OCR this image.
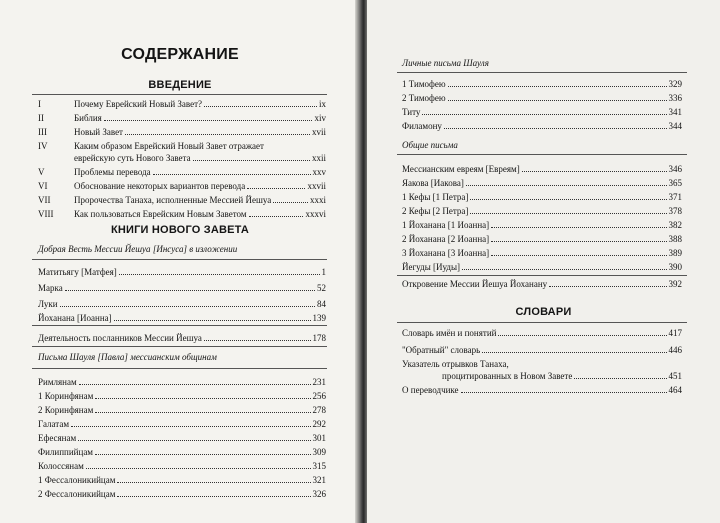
СОДЕРЖАНИЕ
ВВЕДЕНИЕ
I	Почему Еврейский Новый Завет?	ix
II	Библия	xiv
III	Новый Завет	xvii
IV	Каким образом Еврейский Новый Завет отражает
еврейскую суть Нового Завета	xxii
V	Проблемы перевода	xxv
VI	Обоснование некоторых вариантов перевода	xxvii
VII	Пророчества Танаха, исполненные Мессией Йешуа	xxxi
VIII	Как пользоваться Еврейским Новым Заветом	xxxvi
КНИГИ НОВОГО ЗАВЕТА
Добрая Весть Мессии Йешуа [Инсуса] в изложении
Матитьягу [Матфея]	1
Марка	52
Луки	84
Йоханана [Иоанна]	139
Деятельность посланников Мессии Йешуа	178
Письма Шауля [Павла] мессианским общинам
Римлянам	231
1 Коринфянам	256
2 Коринфянам	278
Галатам	292
Ефесянам	301
Филиппийцам	309
Колоссянам	315
1 Фессалоникийцам	321
2 Фессалоникийцам	326
Личные письма Шауля
1 Тимофею	329
2 Тимофею	336
Титу	341
Филамону	344
Общие письма
Мессианским евреям [Евреям]	346
Яакова [Иакова]	365
1 Кефы [1 Петра]	371
2 Кефы [2 Петра]	378
1 Йоханана [1 Иоанна]	382
2 Йоханана [2 Иоанна]	388
3 Йоханана [3 Иоанна]	389
Йегуды [Иуды]	390
Откровение Мессии Йешуа Йоханану	392
СЛОВАРИ
Словарь имён и понятий	417
"Обратный" словарь	446
Указатель отрывков Танаха,
процитированных в Новом Завете	451
О переводчике	464
